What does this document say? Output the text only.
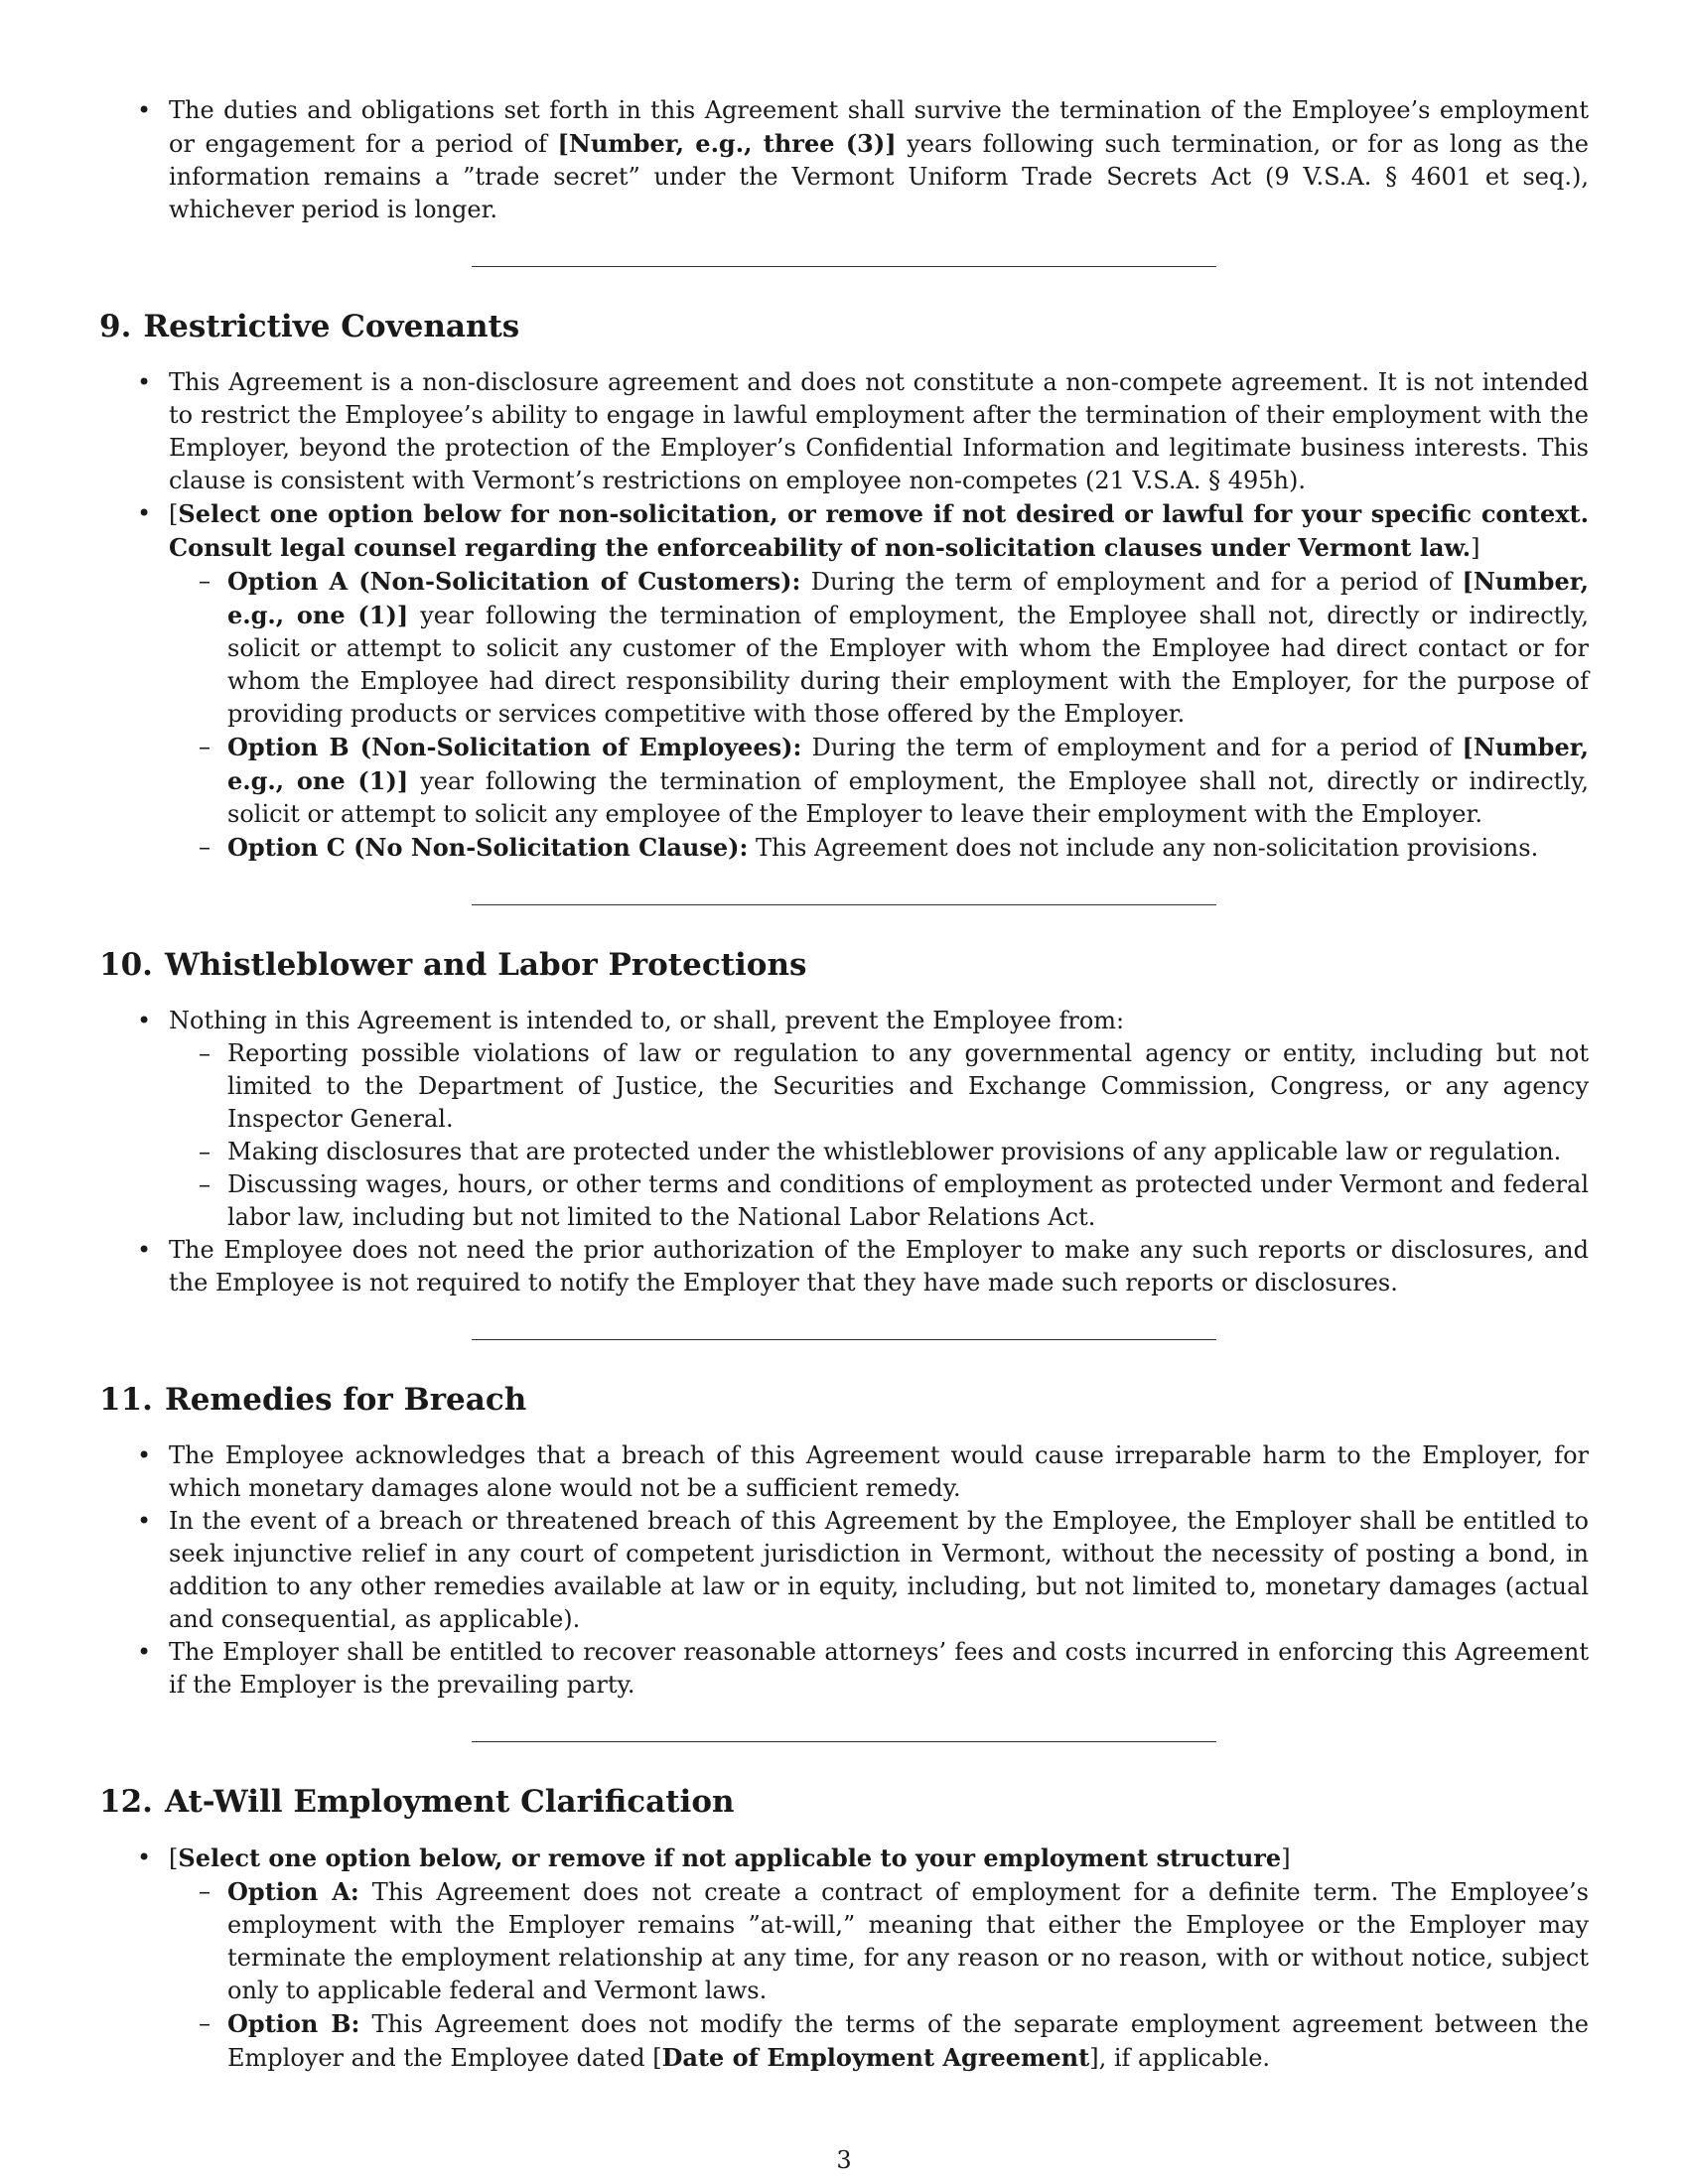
• The duties and obligations set forth in this Agreement shall survive the termination of the Employee’s employment or engagement for a period of [Number, e.g., three (3)] years following such termination, or for as long as the information remains a ”trade secret” under the Vermont Uniform Trade Secrets Act (9 V.S.A. § 4601 et seq.), whichever period is longer.
9. Restrictive Covenants
• This Agreement is a non-disclosure agreement and does not constitute a non-compete agreement. It is not intended to restrict the Employee’s ability to engage in lawful employment after the termination of their employment with the Employer, beyond the protection of the Employer’s Confidential Information and legitimate business interests. This clause is consistent with Vermont’s restrictions on employee non-competes (21 V.S.A. § 495h).
• [Select one option below for non-solicitation, or remove if not desired or lawful for your specific context. Consult legal counsel regarding the enforceability of non-solicitation clauses under Vermont law.]
– Option A (Non-Solicitation of Customers): During the term of employment and for a period of [Number, e.g., one (1)] year following the termination of employment, the Employee shall not, directly or indirectly, solicit or attempt to solicit any customer of the Employer with whom the Employee had direct contact or for whom the Employee had direct responsibility during their employment with the Employer, for the purpose of providing products or services competitive with those offered by the Employer.
– Option B (Non-Solicitation of Employees): During the term of employment and for a period of [Number, e.g., one (1)] year following the termination of employment, the Employee shall not, directly or indirectly, solicit or attempt to solicit any employee of the Employer to leave their employment with the Employer.
– Option C (No Non-Solicitation Clause): This Agreement does not include any non-solicitation provisions.
10. Whistleblower and Labor Protections
• Nothing in this Agreement is intended to, or shall, prevent the Employee from:
– Reporting possible violations of law or regulation to any governmental agency or entity, including but not limited to the Department of Justice, the Securities and Exchange Commission, Congress, or any agency Inspector General.
– Making disclosures that are protected under the whistleblower provisions of any applicable law or regulation.
– Discussing wages, hours, or other terms and conditions of employment as protected under Vermont and federal labor law, including but not limited to the National Labor Relations Act.
• The Employee does not need the prior authorization of the Employer to make any such reports or disclosures, and the Employee is not required to notify the Employer that they have made such reports or disclosures.
11. Remedies for Breach
• The Employee acknowledges that a breach of this Agreement would cause irreparable harm to the Employer, for which monetary damages alone would not be a sufficient remedy.
• In the event of a breach or threatened breach of this Agreement by the Employee, the Employer shall be entitled to seek injunctive relief in any court of competent jurisdiction in Vermont, without the necessity of posting a bond, in addition to any other remedies available at law or in equity, including, but not limited to, monetary damages (actual and consequential, as applicable).
• The Employer shall be entitled to recover reasonable attorneys’ fees and costs incurred in enforcing this Agreement if the Employer is the prevailing party.
12. At-Will Employment Clarification
• [Select one option below, or remove if not applicable to your employment structure]
– Option A: This Agreement does not create a contract of employment for a definite term. The Employee’s employment with the Employer remains ”at-will,” meaning that either the Employee or the Employer may terminate the employment relationship at any time, for any reason or no reason, with or without notice, subject only to applicable federal and Vermont laws.
– Option B: This Agreement does not modify the terms of the separate employment agreement between the Employer and the Employee dated [Date of Employment Agreement], if applicable.
3
